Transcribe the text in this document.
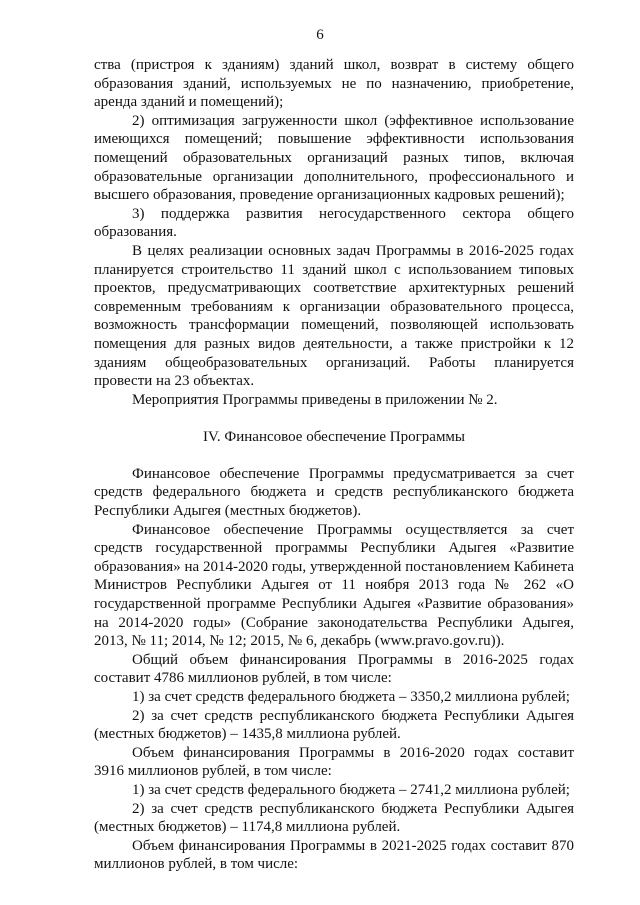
6

ства (пристроя к зданиям) зданий школ, возврат в систему общего образования зданий, используемых не по назначению, приобретение, аренда зданий и помещений);

2) оптимизация загруженности школ (эффективное использование имеющихся помещений; повышение эффективности использования помещений образовательных организаций разных типов, включая образовательные организации дополнительного, профессионального и высшего образования, проведение организационных кадровых решений);

3) поддержка развития негосударственного сектора общего образования.

В целях реализации основных задач Программы в 2016-2025 годах планируется строительство 11 зданий школ с использованием типовых проектов, предусматривающих соответствие архитектурных решений современным требованиям к организации образовательного процесса, возможность трансформации помещений, позволяющей использовать помещения для разных видов деятельности, а также пристройки к 12 зданиям общеобразовательных организаций. Работы планируется провести на 23 объектах.

Мероприятия Программы приведены в приложении № 2.

IV. Финансовое обеспечение Программы

Финансовое обеспечение Программы предусматривается за счет средств федерального бюджета и средств республиканского бюджета Республики Адыгея (местных бюджетов).

Финансовое обеспечение Программы осуществляется за счет средств государственной программы Республики Адыгея «Развитие образования» на 2014-2020 годы, утвержденной постановлением Кабинета Министров Республики Адыгея от 11 ноября 2013 года № 262 «О государственной программе Республики Адыгея «Развитие образования» на 2014-2020 годы» (Собрание законодательства Республики Адыгея, 2013, № 11; 2014, № 12; 2015, № 6, декабрь (www.pravo.gov.ru)).

Общий объем финансирования Программы в 2016-2025 годах составит 4786 миллионов рублей, в том числе:

1) за счет средств федерального бюджета – 3350,2 миллиона рублей;

2) за счет средств республиканского бюджета Республики Адыгея (местных бюджетов) – 1435,8 миллиона рублей.

Объем финансирования Программы в 2016-2020 годах составит 3916 миллионов рублей, в том числе:

1) за счет средств федерального бюджета – 2741,2 миллиона рублей;

2) за счет средств республиканского бюджета Республики Адыгея (местных бюджетов) – 1174,8 миллиона рублей.

Объем финансирования Программы в 2021-2025 годах составит 870 миллионов рублей, в том числе:
